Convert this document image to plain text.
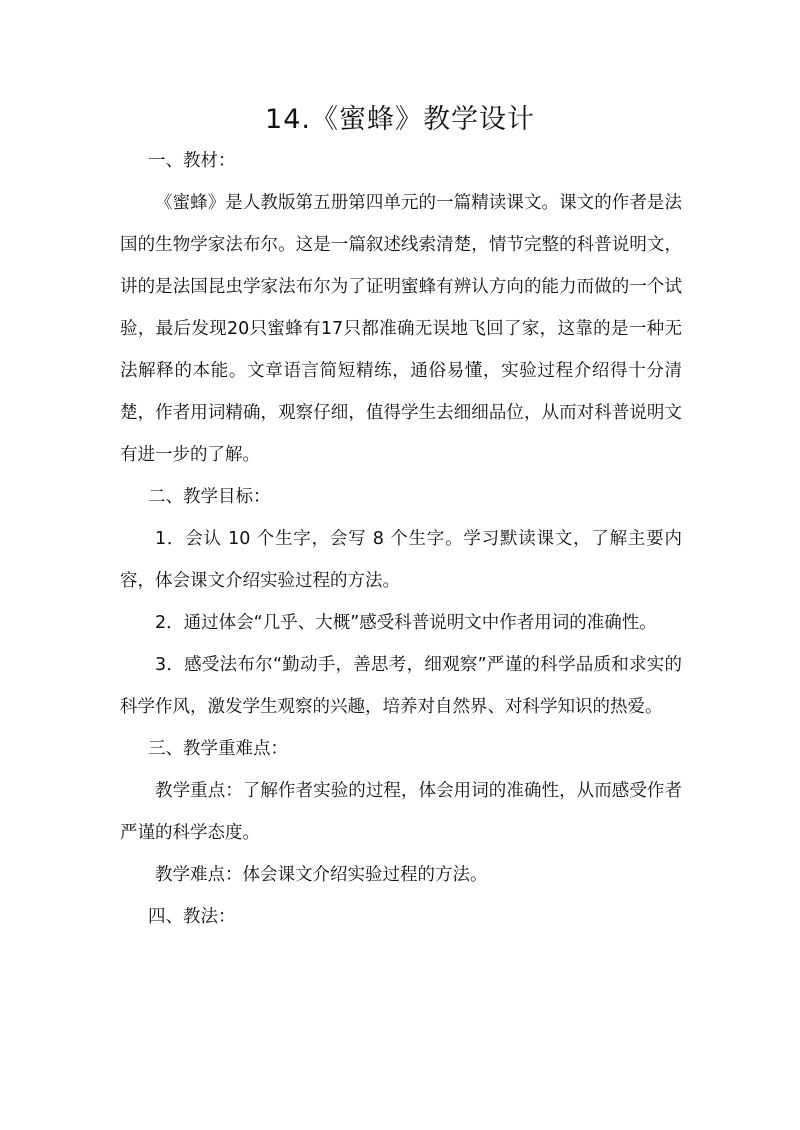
14.《蜜蜂》教学设计

一、教材：

《蜜蜂》是人教版第五册第四单元的一篇精读课文。课文的作者是法国的生物学家法布尔。这是一篇叙述线索清楚，情节完整的科普说明文，讲的是法国昆虫学家法布尔为了证明蜜蜂有辨认方向的能力而做的一个试验，最后发现20只蜜蜂有17只都准确无误地飞回了家，这靠的是一种无法解释的本能。文章语言简短精练，通俗易懂，实验过程介绍得十分清楚，作者用词精确，观察仔细，值得学生去细细品位，从而对科普说明文有进一步的了解。

二、教学目标：

1．会认 10 个生字，会写 8 个生字。学习默读课文，了解主要内容，体会课文介绍实验过程的方法。

2．通过体会“几乎、大概”感受科普说明文中作者用词的准确性。

3．感受法布尔“勤动手，善思考，细观察”严谨的科学品质和求实的科学作风，激发学生观察的兴趣，培养对自然界、对科学知识的热爱。

三、教学重难点：

教学重点：了解作者实验的过程，体会用词的准确性，从而感受作者严谨的科学态度。

教学难点：体会课文介绍实验过程的方法。

四、教法：
